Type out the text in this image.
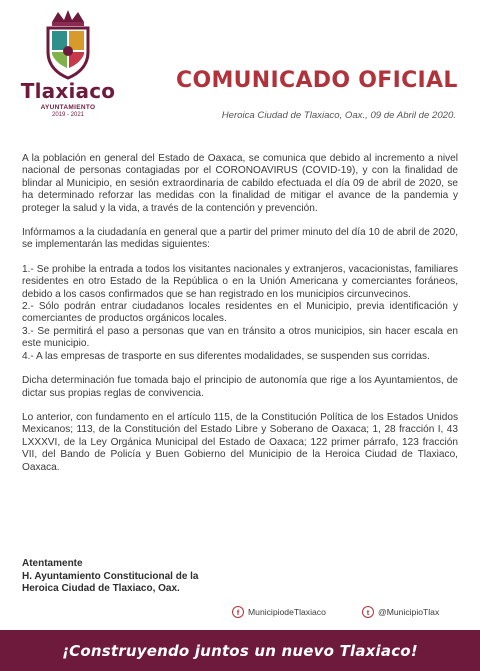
Tlaxiaco
AYUNTAMIENTO
2019 - 2021
COMUNICADO OFICIAL
Heroica Ciudad de Tlaxiaco, Oax., 09 de Abril de 2020.

A la población en general del Estado de Oaxaca, se comunica que debido al incremento a nivel nacional de personas contagiadas por el CORONOAVIRUS (COVID-19), y con la finalidad de blindar al Municipio, en sesión extraordinaria de cabildo efectuada el día 09 de abril de 2020, se ha determinado reforzar las medidas con la finalidad de mitigar el avance de la pandemia y proteger la salud y la vida, a través de la contención y prevención.

Infórmamos a la ciudadanía en general que a partir del primer minuto del día 10 de abril de 2020, se implementarán las medidas siguientes:

1.- Se prohibe la entrada a todos los visitantes nacionales y extranjeros, vacacionistas, familiares residentes en otro Estado de la República o en la Unión Americana y comerciantes foráneos, debido a los casos confirmados que se han registrado en los municipios circunvecinos.

2.- Sólo podrán entrar ciudadanos locales residentes en el Municipio, previa identificación y comerciantes de productos orgánicos locales.

3.- Se permitirá el paso a personas que van en tránsito a otros municipios, sin hacer escala en este municipio.

4.- A las empresas de trasporte en sus diferentes modalidades, se suspenden sus corridas.

Dicha determinación fue tomada bajo el principio de autonomía que rige a los Ayuntamientos, de dictar sus propias reglas de convivencia.

Lo anterior, con fundamento en el artículo 115, de la Constitución Política de los Estados Unidos Mexicanos; 113, de la Constitución del Estado Libre y Soberano de Oaxaca; 1, 28 fracción I, 43 LXXXVI, de la Ley Orgánica Municipal del Estado de Oaxaca; 122 primer párrafo, 123 fracción VII, del Bando de Policía y Buen Gobierno del Municipio de la Heroica Ciudad de Tlaxiaco, Oaxaca.

Atentamente
H. Ayuntamiento Constitucional de la
Heroica Ciudad de Tlaxiaco, Oax.
f	MunicipiodeTlaxiaco	t	@MunicipioTlax
¡Construyendo juntos un nuevo Tlaxiaco!
